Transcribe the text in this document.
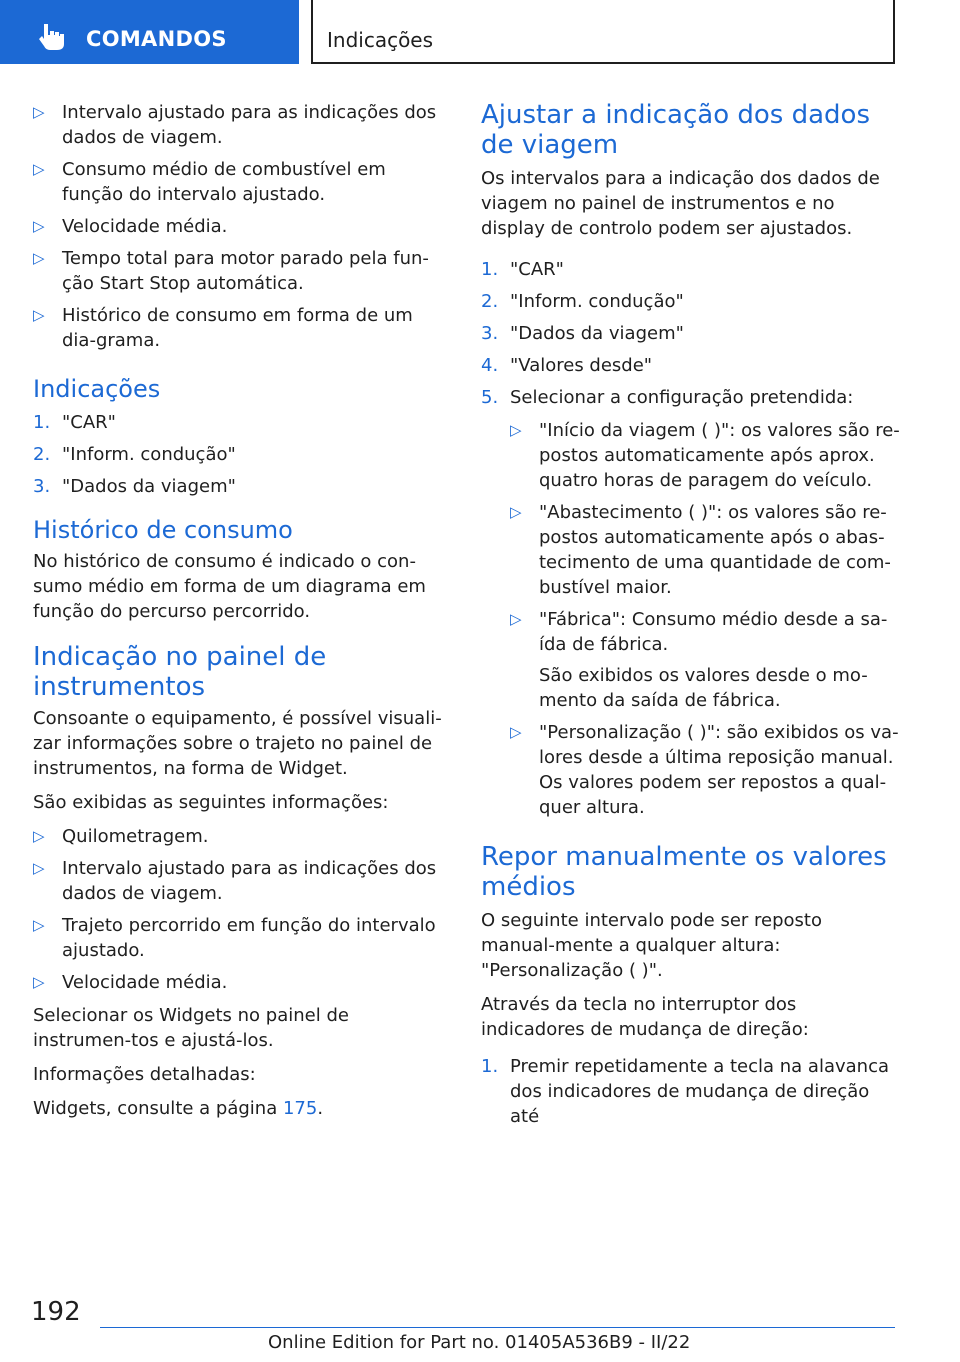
COMANDOS	Indicações
▷ Intervalo ajustado para as indicações dos dados de viagem.
▷ Consumo médio de combustível em função do intervalo ajustado.
▷ Velocidade média.
▷ Tempo total para motor parado pela fun-ção Start Stop automática.
▷ Histórico de consumo em forma de um dia-grama.
Indicações
1. "CAR"
2. "Inform. condução"
3. "Dados da viagem"
Histórico de consumo

No histórico de consumo é indicado o con-sumo médio em forma de um diagrama em função do percurso percorrido.

Indicação no painel de instrumentos

Consoante o equipamento, é possível visuali-zar informações sobre o trajeto no painel de instrumentos, na forma de Widget.

São exibidas as seguintes informações:

▷ Quilometragem.
▷ Intervalo ajustado para as indicações dos dados de viagem.
▷ Trajeto percorrido em função do intervalo ajustado.
▷ Velocidade média.

Selecionar os Widgets no painel de instrumen-tos e ajustá-los.

Informações detalhadas:

Widgets, consulte a página 175.

Ajustar a indicação dos dados de viagem

Os intervalos para a indicação dos dados de viagem no painel de instrumentos e no display de controlo podem ser ajustados.

1. "CAR"
2. "Inform. condução"
3. "Dados da viagem"
4. "Valores desde"
5. Selecionar a configuração pretendida:
▷ "Início da viagem ( )": os valores são re-postos automaticamente após aprox. quatro horas de paragem do veículo.
▷ "Abastecimento ( )": os valores são re-postos automaticamente após o abas-tecimento de uma quantidade de com-bustível maior.
▷ "Fábrica": Consumo médio desde a sa-ída de fábrica.

São exibidos os valores desde o mo-mento da saída de fábrica.

▷ "Personalização ( )": são exibidos os va-lores desde a última reposição manual. Os valores podem ser repostos a qual-quer altura.
Repor manualmente os valores médios

O seguinte intervalo pode ser reposto manual-mente a qualquer altura: "Personalização ( )".

Através da tecla no interruptor dos indicadores de mudança de direção:

1. Premir repetidamente a tecla na alavanca dos indicadores de mudança de direção até
192
Online Edition for Part no. 01405A536B9 - II/22
